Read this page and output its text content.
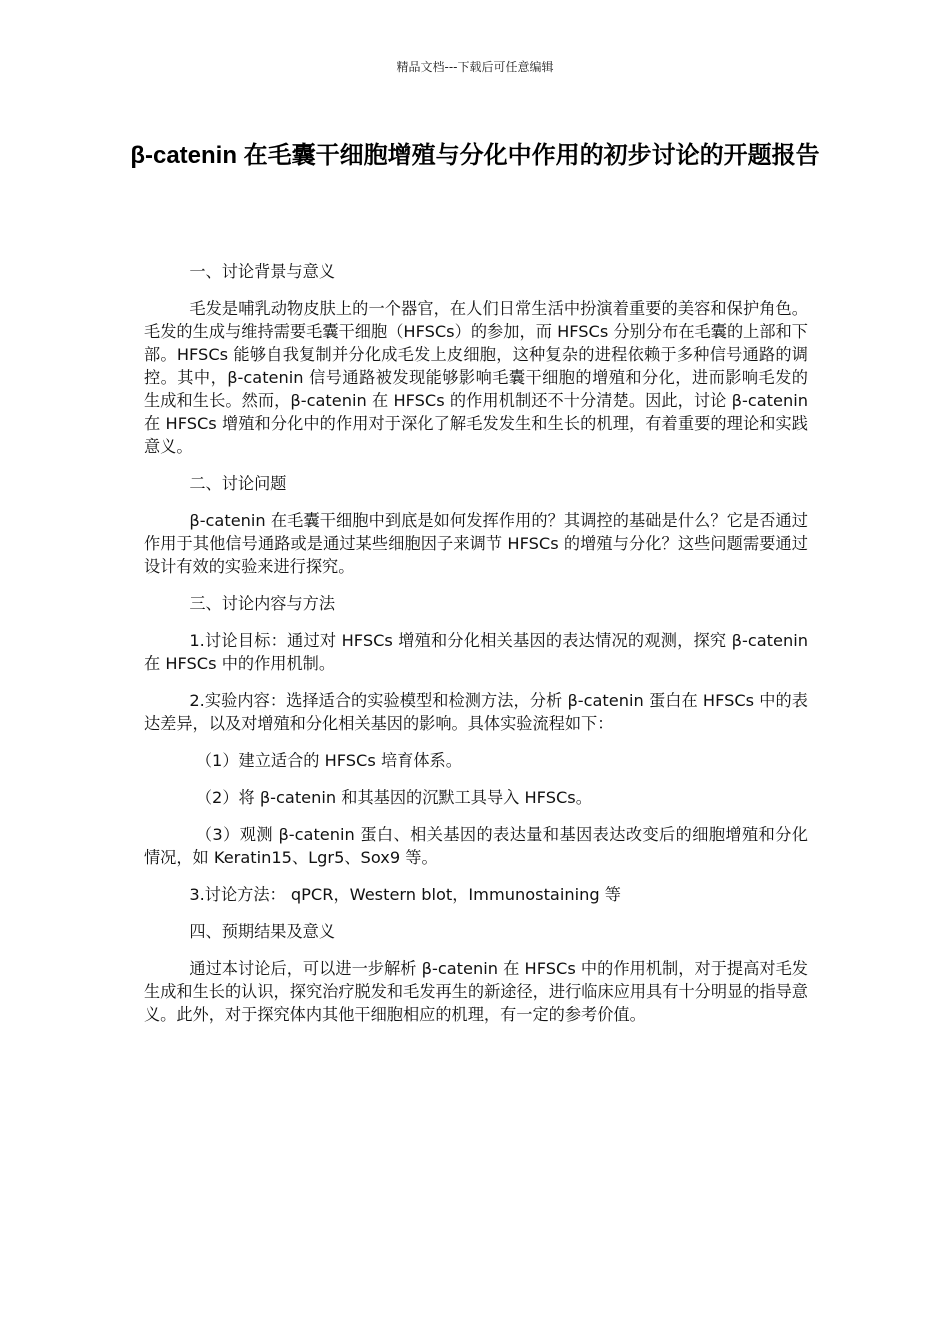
精品文档---下载后可任意编辑
β-catenin 在毛囊干细胞增殖与分化中作用的初步讨论的开题报告

一、讨论背景与意义

毛发是哺乳动物皮肤上的一个器官，在人们日常生活中扮演着重要的美容和保护角色。毛发的生成与维持需要毛囊干细胞（HFSCs）的参加，而 HFSCs 分别分布在毛囊的上部和下部。HFSCs 能够自我复制并分化成毛发上皮细胞，这种复杂的进程依赖于多种信号通路的调控。其中，β-catenin 信号通路被发现能够影响毛囊干细胞的增殖和分化，进而影响毛发的生成和生长。然而，β-catenin 在 HFSCs 的作用机制还不十分清楚。因此，讨论 β-catenin 在 HFSCs 增殖和分化中的作用对于深化了解毛发发生和生长的机理，有着重要的理论和实践意义。

二、讨论问题

β-catenin 在毛囊干细胞中到底是如何发挥作用的？其调控的基础是什么？它是否通过作用于其他信号通路或是通过某些细胞因子来调节 HFSCs 的增殖与分化？这些问题需要通过设计有效的实验来进行探究。

三、讨论内容与方法

1.讨论目标：通过对 HFSCs 增殖和分化相关基因的表达情况的观测，探究 β-catenin 在 HFSCs 中的作用机制。

2.实验内容：选择适合的实验模型和检测方法，分析 β-catenin 蛋白在 HFSCs 中的表达差异，以及对增殖和分化相关基因的影响。具体实验流程如下：

（1）建立适合的 HFSCs 培育体系。

（2）将 β-catenin 和其基因的沉默工具导入 HFSCs。

（3）观测 β-catenin 蛋白、相关基因的表达量和基因表达改变后的细胞增殖和分化情况，如 Keratin15、Lgr5、Sox9 等。

3.讨论方法： qPCR，Western blot，Immunostaining 等

四、预期结果及意义

通过本讨论后，可以进一步解析 β-catenin 在 HFSCs 中的作用机制，对于提高对毛发生成和生长的认识，探究治疗脱发和毛发再生的新途径，进行临床应用具有十分明显的指导意义。此外，对于探究体内其他干细胞相应的机理，有一定的参考价值。
